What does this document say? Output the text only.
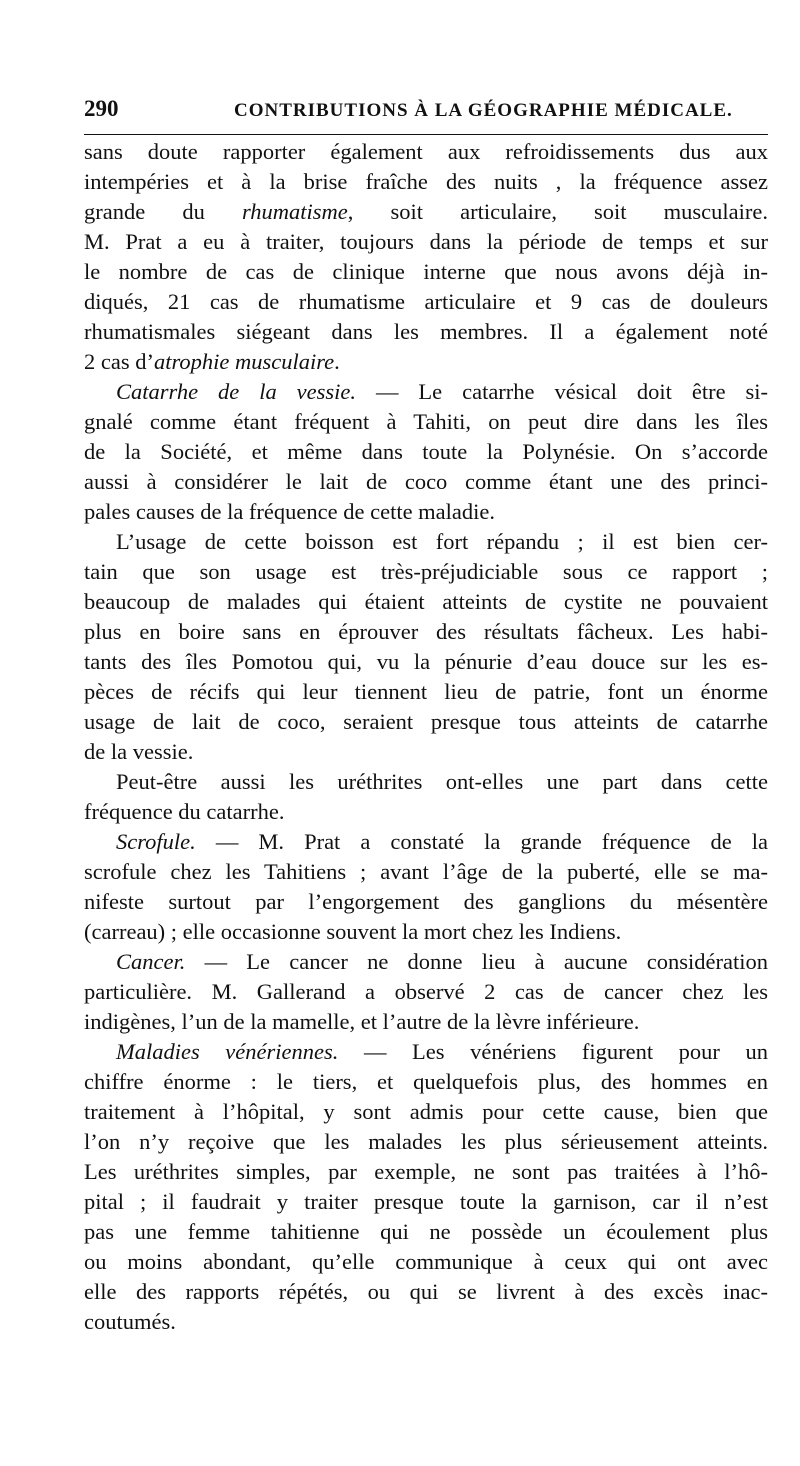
290	CONTRIBUTIONS À LA GÉOGRAPHIE MÉDICALE.
sans doute rapporter également aux refroidissements dus aux
intempéries et à la brise fraîche des nuits , la fréquence assez
grande du rhumatisme, soit articulaire, soit musculaire.
M. Prat a eu à traiter, toujours dans la période de temps et sur
le nombre de cas de clinique interne que nous avons déjà in-
diqués, 21 cas de rhumatisme articulaire et 9 cas de douleurs
rhumatismales siégeant dans les membres. Il a également noté
2 cas d’atrophie musculaire.
Catarrhe de la vessie. — Le catarrhe vésical doit être si-
gnalé comme étant fréquent à Tahiti, on peut dire dans les îles
de la Société, et même dans toute la Polynésie. On s’accorde
aussi à considérer le lait de coco comme étant une des princi-
pales causes de la fréquence de cette maladie.
L’usage de cette boisson est fort répandu ; il est bien cer-
tain que son usage est très-préjudiciable sous ce rapport ;
beaucoup de malades qui étaient atteints de cystite ne pouvaient
plus en boire sans en éprouver des résultats fâcheux. Les habi-
tants des îles Pomotou qui, vu la pénurie d’eau douce sur les es-
pèces de récifs qui leur tiennent lieu de patrie, font un énorme
usage de lait de coco, seraient presque tous atteints de catarrhe
de la vessie.
Peut-être aussi les uréthrites ont-elles une part dans cette
fréquence du catarrhe.
Scrofule. — M. Prat a constaté la grande fréquence de la
scrofule chez les Tahitiens ; avant l’âge de la puberté, elle se ma-
nifeste surtout par l’engorgement des ganglions du mésentère
(carreau) ; elle occasionne souvent la mort chez les Indiens.
Cancer. — Le cancer ne donne lieu à aucune considération
particulière. M. Gallerand a observé 2 cas de cancer chez les
indigènes, l’un de la mamelle, et l’autre de la lèvre inférieure.
Maladies vénériennes. — Les vénériens figurent pour un
chiffre énorme : le tiers, et quelquefois plus, des hommes en
traitement à l’hôpital, y sont admis pour cette cause, bien que
l’on n’y reçoive que les malades les plus sérieusement atteints.
Les uréthrites simples, par exemple, ne sont pas traitées à l’hô-
pital ; il faudrait y traiter presque toute la garnison, car il n’est
pas une femme tahitienne qui ne possède un écoulement plus
ou moins abondant, qu’elle communique à ceux qui ont avec
elle des rapports répétés, ou qui se livrent à des excès inac-
coutumés.
